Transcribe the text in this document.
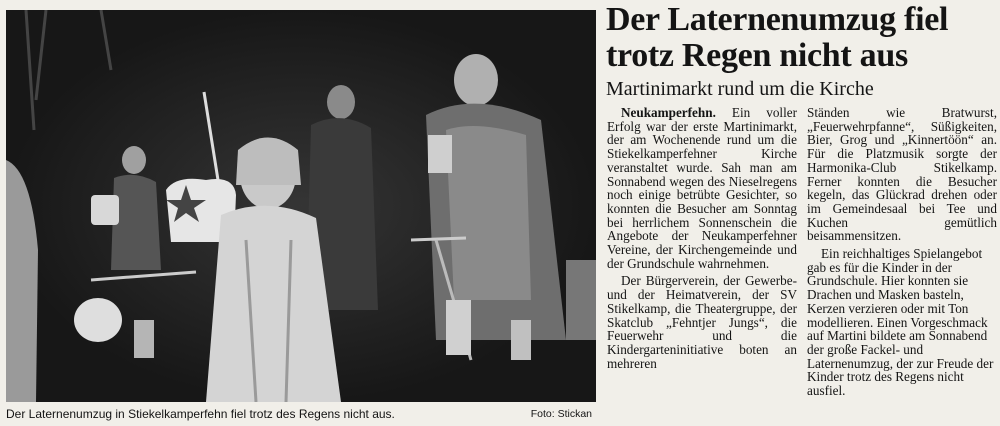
Der Laternenumzug in Stiekelkamperfehn fiel trotz des Regens nicht aus.	Foto: Stickan
Der Laternenumzug fiel trotz Regen nicht aus
Martinimarkt rund um die Kirche

Neukamperfehn. Ein voller Erfolg war der erste Martinimarkt, der am Wochenende rund um die Stiekelkamperfehner Kirche veranstaltet wurde. Sah man am Sonnabend wegen des Nieselregens noch einige betrübte Gesichter, so konnten die Besucher am Sonntag bei herrlichem Sonnenschein die Angebote der Neukamperfehner Vereine, der Kirchengemeinde und der Grundschule wahrnehmen.

Der Bürgerverein, der Gewerbe- und der Heimatverein, der SV Stikelkamp, die Theatergruppe, der Skatclub „Fehntjer Jungs“, die Feuerwehr und die Kindergarteninitiative boten an mehreren

Ständen wie Bratwurst, „Feuerwehrpfanne“, Süßigkeiten, Bier, Grog und „Kinnertöön“ an. Für die Platzmusik sorgte der Harmonika-Club Stikelkamp. Ferner konnten die Besucher kegeln, das Glückrad drehen oder im Gemeindesaal bei Tee und Kuchen gemütlich beisammensitzen.

Ein reichhaltiges Spielangebot gab es für die Kinder in der Grundschule. Hier konnten sie Drachen und Masken basteln, Kerzen verzieren oder mit Ton modellieren. Einen Vorgeschmack auf Martini bildete am Sonnabend der große Fackel- und Laternenumzug, der zur Freude der Kinder trotz des Regens nicht ausfiel.
